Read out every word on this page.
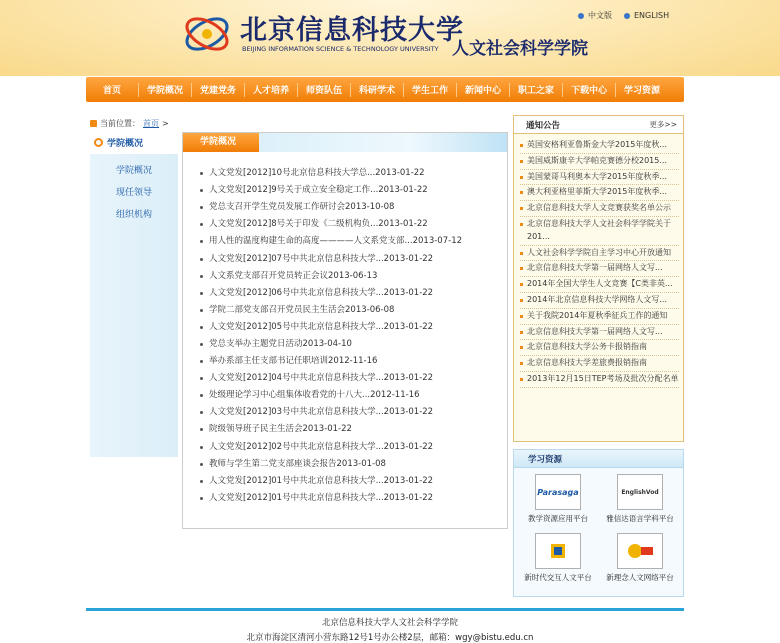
北京信息科技大学
BEIJING INFORMATION SCIENCE & TECHNOLOGY UNIVERSITY 人文社会科学学院
中文版	ENGLISH
首页	学院概况	党建党务	人才培养	师资队伍	科研学术	学生工作	新闻中心	职工之家	下载中心	学习资源
当前位置： 首页 >
学院概况
学院概况
现任领导
组织机构
学院概况
人文党发[2012]10号北京信息科技大学总...2013-01-22
人文党发[2012]9号关于成立安全稳定工作...2013-01-22
党总支召开学生党员发展工作研讨会2013-10-08
人文党发[2012]8号关于印发《二级机构负...2013-01-22
用人性的温度构建生命的高度————人文系党支部...2013-07-12
人文党发[2012]07号中共北京信息科技大学...2013-01-22
人文系党支部召开党员转正会议2013-06-13
人文党发[2012]06号中共北京信息科技大学...2013-01-22
学院二部党支部召开党员民主生活会2013-06-08
人文党发[2012]05号中共北京信息科技大学...2013-01-22
党总支举办主题党日活动2013-04-10
举办系部主任支部书记任职培训2012-11-16
人文党发[2012]04号中共北京信息科技大学...2013-01-22
处级理论学习中心组集体收看党的十八大...2012-11-16
人文党发[2012]03号中共北京信息科技大学...2013-01-22
院级领导班子民主生活会2013-01-22
人文党发[2012]02号中共北京信息科技大学...2013-01-22
教师与学生第二党支部座谈会报告2013-01-08
人文党发[2012]01号中共北京信息科技大学...2013-01-22
人文党发[2012]01号中共北京信息科技大学...2013-01-22
通知公告	更多>>
英国安格利亚鲁斯金大学2015年度秋...
美国威斯康辛大学帕克赛德分校2015...
美国蒙哥马利奥本大学2015年度秋季...
澳大利亚格里菲斯大学2015年度秋季...
北京信息科技大学人文竞赛获奖名单公示
北京信息科技大学人文社会科学学院关于201...
人文社会科学学院自主学习中心开放通知
北京信息科技大学第一届网络人文写...
2014年全国大学生人文竞赛【C类非英...
2014年北京信息科技大学网络人文写...
关于我院2014年夏秋季征兵工作的通知
北京信息科技大学第一届网络人文写...
北京信息科技大学公务卡报销指南
北京信息科技大学差旅费报销指南
2013年12月15日TEP考场及批次分配名单
学习资源
Parasaga
教学资源应用平台
EnglishVod
雅信达语言学科平台
新时代交互人文平台	新理念人文网络平台
北京信息科技大学人文社会科学学院
北京市海淀区清河小营东路12号1号办公楼2层，邮箱：wgy@bistu.edu.cn
